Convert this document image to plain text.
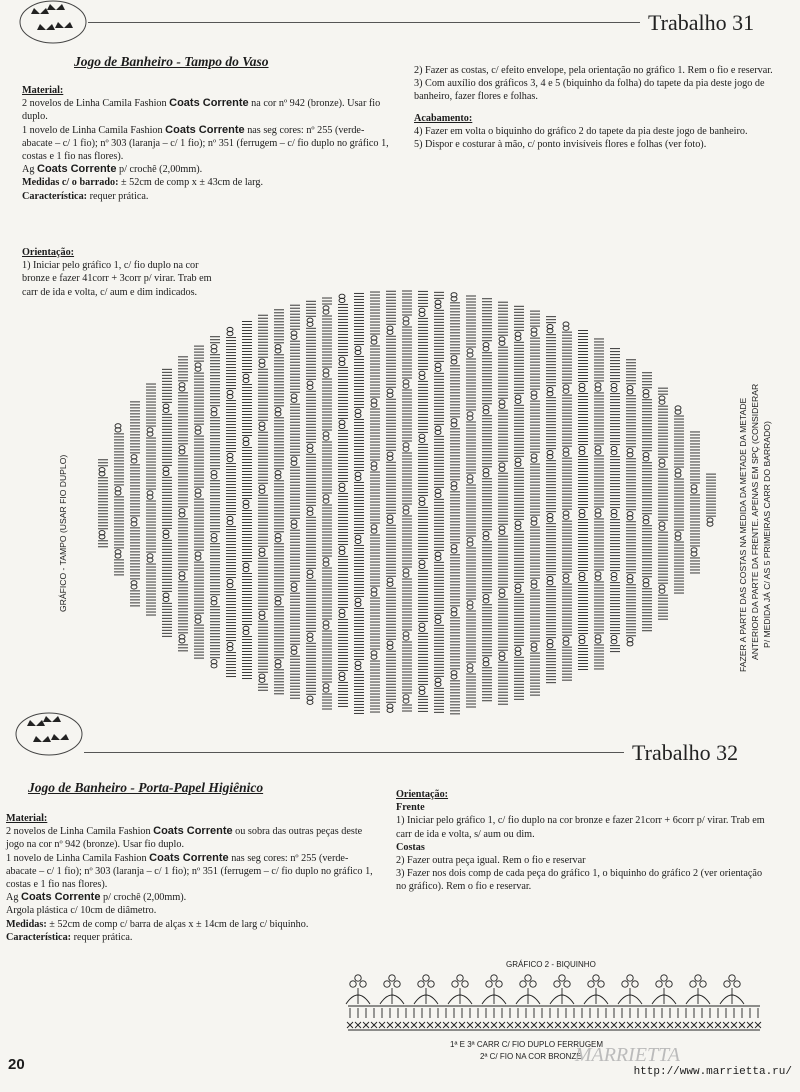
Trabalho 31
Jogo de Banheiro - Tampo do Vaso
Material:
2 novelos de Linha Camila Fashion Coats Corrente na cor nº 942 (bronze). Usar fio duplo.
1 novelo de Linha Camila Fashion Coats Corrente nas seg cores: nº 255 (verde-abacate – c/ 1 fio); nº 303 (laranja – c/ 1 fio); nº 351 (ferrugem – c/ fio duplo no gráfico 1, costas e 1 fio nas flores).
Ag Coats Corrente p/ crochê (2,00mm).
Medidas c/ o barrado: ± 52cm de comp x ± 43cm de larg.
Característica: requer prática.
Orientação:
1) Iniciar pelo gráfico 1, c/ fio duplo na cor bronze e fazer 41corr + 3corr p/ virar. Trab em carr de ida e volta, c/ aum e dim indicados.
2) Fazer as costas, c/ efeito envelope, pela orientação no gráfico 1. Rem o fio e reservar.
3) Com auxílio dos gráficos 3, 4 e 5 (biquinho da folha) do tapete da pia deste jogo de banheiro, fazer flores e folhas.
Acabamento:
4) Fazer em volta o biquinho do gráfico 2 do tapete da pia deste jogo de banheiro.
5) Dispor e costurar à mão, c/ ponto invisíveis flores e folhas (ver foto).
GRÁFICO - TAMPO (USAR FIO DUPLO)	FAZER A PARTE DAS COSTAS NA MEDIDA DA METADE DA METADE ANTERIOR DA PARTE DA FRENTE. APENAS EM SPÇ (CONSIDERAR P/ MEDIDA JÁ C/ AS 5 PRIMEIRAS CARR DO BARRADO)
Trabalho 32
Jogo de Banheiro - Porta-Papel Higiênico
Material:
2 novelos de Linha Camila Fashion Coats Corrente ou sobra das outras peças deste jogo na cor nº 942 (bronze). Usar fio duplo.
1 novelo de Linha Camila Fashion Coats Corrente nas seg cores: nº 255 (verde-abacate – c/ 1 fio); nº 303 (laranja – c/ 1 fio); nº 351 (ferrugem – c/ fio duplo no gráfico 1, costas e 1 fio nas flores).
Ag Coats Corrente p/ crochê (2,00mm).
Argola plástica c/ 10cm de diâmetro.
Medidas: ± 52cm de comp c/ barra de alças x ± 14cm de larg c/ biquinho.
Característica: requer prática.
Orientação:
Frente
1) Iniciar pelo gráfico 1, c/ fio duplo na cor bronze e fazer 21corr + 6corr p/ virar. Trab em carr de ida e volta, s/ aum ou dim.
Costas
2) Fazer outra peça igual. Rem o fio e reservar
3) Fazer nos dois comp de cada peça do gráfico 1, o biquinho do gráfico 2 (ver orientação no gráfico). Rem o fio e reservar.
GRÁFICO 2 - BIQUINHO
1ª E 3ª CARR C/ FIO DUPLO FERRUGEM
2ª C/ FIO NA COR BRONZE
20	MARRIETTA
http://www.marrietta.ru/
